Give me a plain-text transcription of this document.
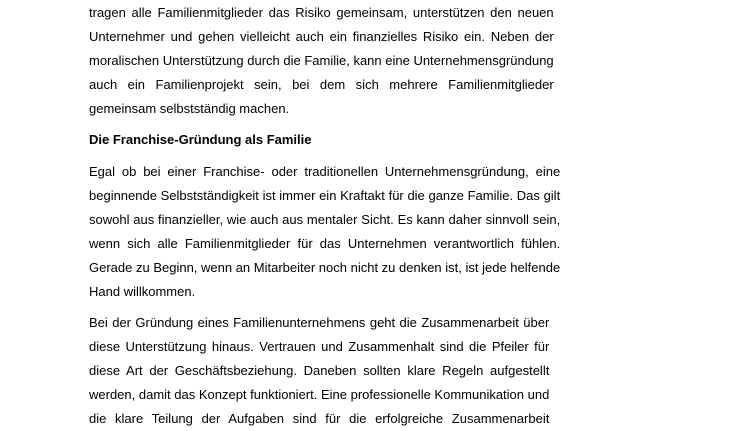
tragen alle Familienmitglieder das Risiko gemeinsam, unterstützen den neuen
Unternehmer und gehen vielleicht auch ein finanzielles Risiko ein. Neben der
moralischen Unterstützung durch die Familie, kann eine Unternehmensgründung
auch ein Familienprojekt sein, bei dem sich mehrere Familienmitglieder
gemeinsam selbstständig machen.
Die Franchise-Gründung als Familie
Egal ob bei einer Franchise- oder traditionellen Unternehmensgründung, eine
beginnende Selbstständigkeit ist immer ein Kraftakt für die ganze Familie. Das gilt
sowohl aus finanzieller, wie auch aus mentaler Sicht. Es kann daher sinnvoll sein,
wenn sich alle Familienmitglieder für das Unternehmen verantwortlich fühlen.
Gerade zu Beginn, wenn an Mitarbeiter noch nicht zu denken ist, ist jede helfende
Hand willkommen.
Bei der Gründung eines Familienunternehmens geht die Zusammenarbeit über
diese Unterstützung hinaus. Vertrauen und Zusammenhalt sind die Pfeiler für
diese Art der Geschäftsbeziehung. Daneben sollten klare Regeln aufgestellt
werden, damit das Konzept funktioniert. Eine professionelle Kommunikation und
die klare Teilung der Aufgaben sind für die erfolgreiche Zusammenarbeit
